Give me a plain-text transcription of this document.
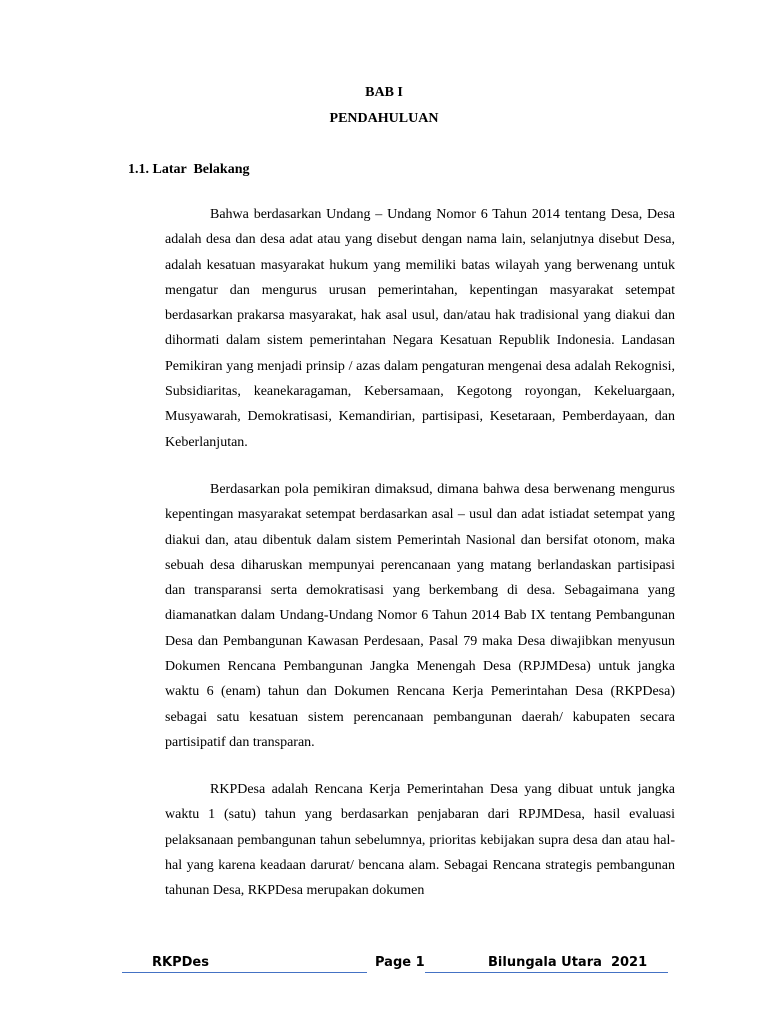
BAB I
PENDAHULUAN
1.1. Latar  Belakang

Bahwa berdasarkan Undang – Undang Nomor 6 Tahun 2014 tentang Desa, Desa adalah desa dan desa adat atau yang disebut dengan nama lain, selanjutnya disebut Desa, adalah kesatuan masyarakat hukum yang memiliki batas wilayah yang berwenang untuk mengatur dan mengurus urusan pemerintahan, kepentingan masyarakat setempat berdasarkan prakarsa masyarakat, hak asal usul, dan/atau hak tradisional yang diakui dan dihormati dalam sistem pemerintahan Negara Kesatuan Republik Indonesia. Landasan Pemikiran yang menjadi prinsip / azas dalam pengaturan mengenai desa adalah Rekognisi, Subsidiaritas, keanekaragaman, Kebersamaan, Kegotong royongan, Kekeluargaan, Musyawarah, Demokratisasi, Kemandirian, partisipasi, Kesetaraan, Pemberdayaan, dan Keberlanjutan.

Berdasarkan pola pemikiran dimaksud, dimana bahwa desa berwenang mengurus kepentingan masyarakat setempat berdasarkan asal – usul dan adat istiadat setempat yang diakui dan, atau dibentuk dalam sistem Pemerintah Nasional dan bersifat otonom, maka sebuah desa diharuskan mempunyai perencanaan yang matang berlandaskan partisipasi dan transparansi serta demokratisasi yang berkembang di desa. Sebagaimana yang diamanatkan dalam Undang-Undang Nomor 6 Tahun 2014 Bab IX tentang Pembangunan Desa dan Pembangunan Kawasan Perdesaan, Pasal 79 maka Desa diwajibkan menyusun Dokumen Rencana Pembangunan Jangka Menengah Desa (RPJMDesa) untuk jangka waktu 6 (enam) tahun dan Dokumen Rencana Kerja Pemerintahan Desa (RKPDesa) sebagai satu kesatuan sistem perencanaan pembangunan daerah/ kabupaten secara partisipatif dan transparan.

RKPDesa adalah Rencana Kerja Pemerintahan Desa yang dibuat untuk jangka waktu 1 (satu) tahun yang berdasarkan penjabaran dari RPJMDesa, hasil evaluasi pelaksanaan pembangunan tahun sebelumnya, prioritas kebijakan supra desa dan atau hal- hal yang karena keadaan darurat/ bencana alam. Sebagai Rencana strategis pembangunan tahunan Desa, RKPDesa merupakan dokumen

RKPDes	Page 1	Bilungala Utara  2021
